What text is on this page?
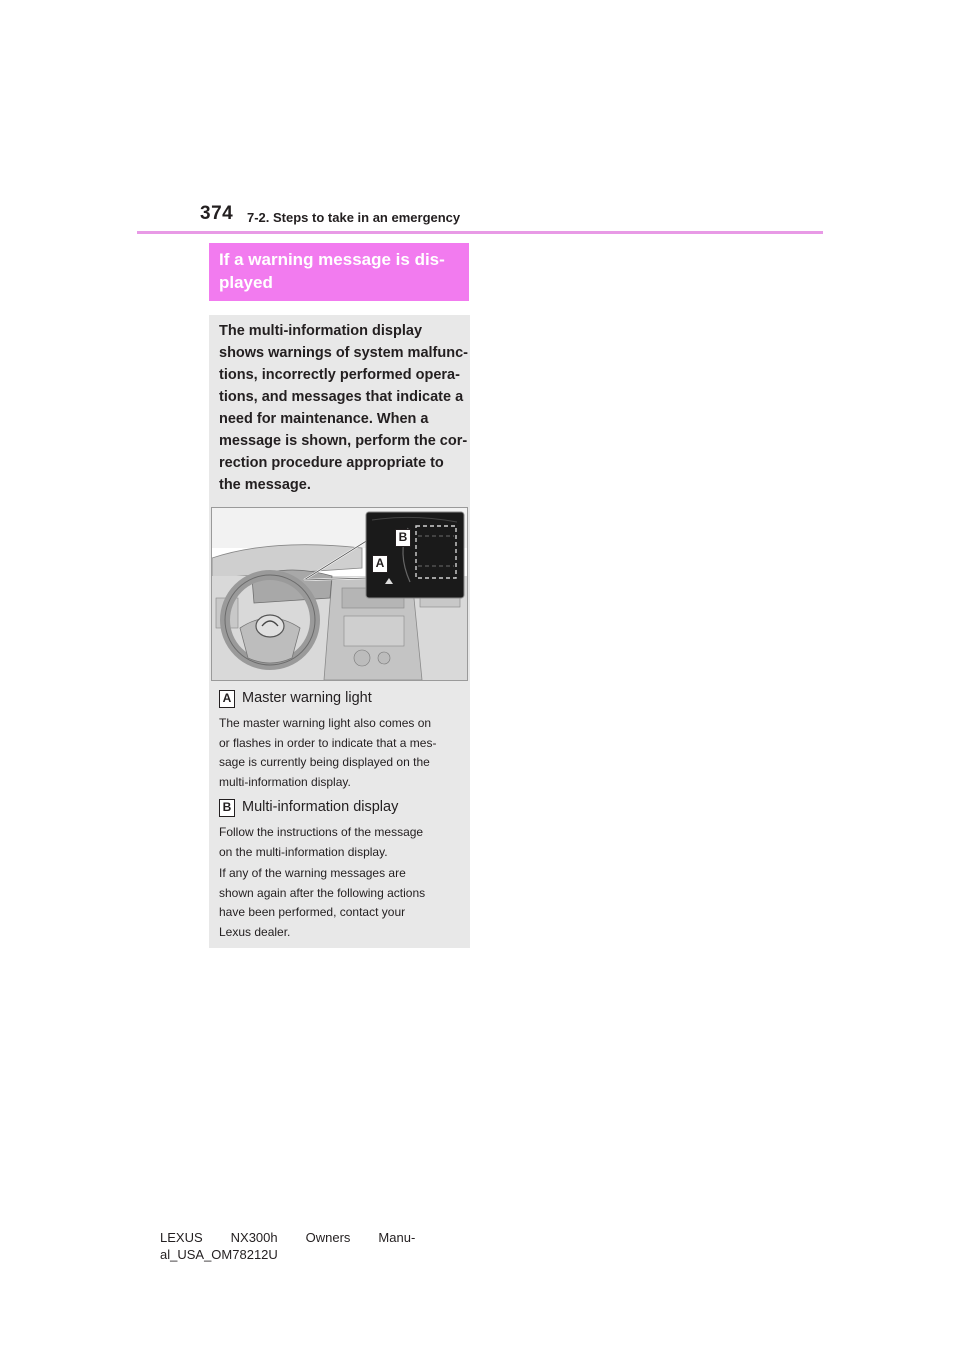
374 7-2. Steps to take in an emergency
If a warning message is dis-
played
The multi-information display
shows warnings of system malfunc-
tions, incorrectly performed opera-
tions, and messages that indicate a
need for maintenance. When a
message is shown, perform the cor-
rection procedure appropriate to
the message.
B
A
A Master warning light
The master warning light also comes on
or flashes in order to indicate that a mes-
sage is currently being displayed on the
multi-information display.
B Multi-information display
Follow the instructions of the message
on the multi-information display.
If any of the warning messages are
shown again after the following actions
have been performed, contact your
Lexus dealer.
LEXUS NX300h Owners Manu-
al_USA_OM78212U
